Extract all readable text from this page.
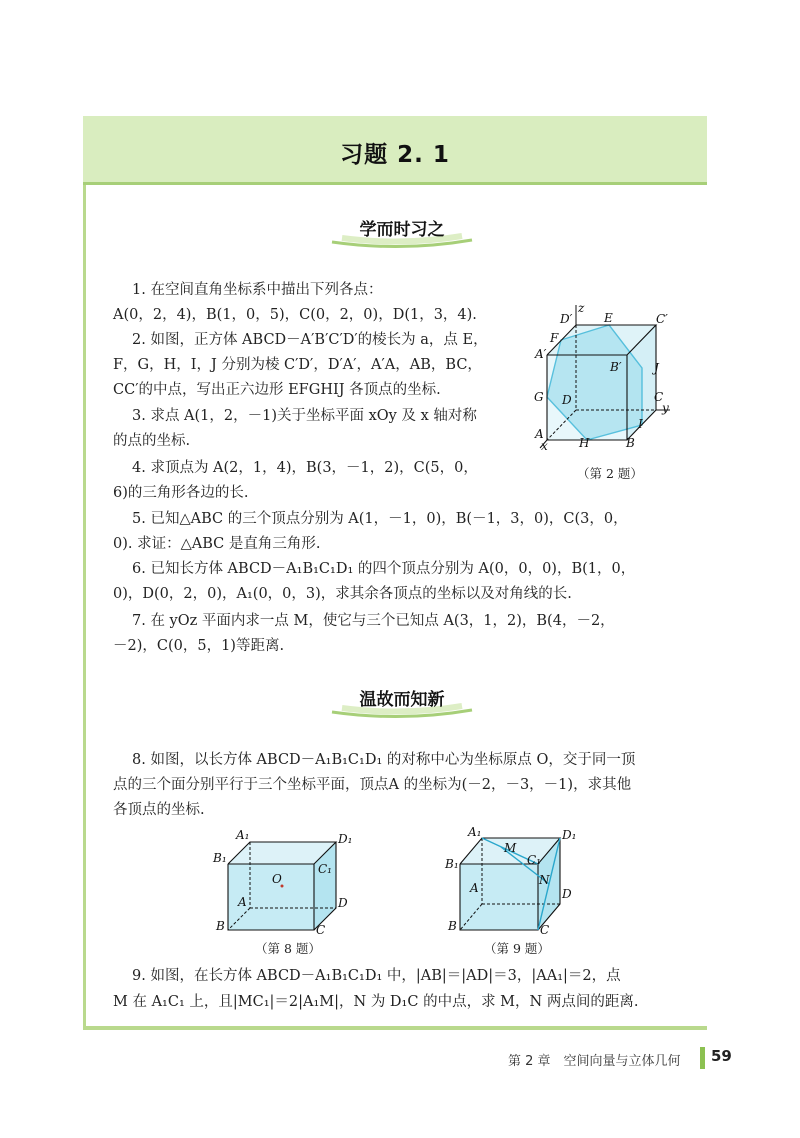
习题 2. 1
学而时习之
1. 在空间直角坐标系中描出下列各点：
A(0，2，4)，B(1，0，5)，C(0，2，0)，D(1，3，4).
2. 如图，正方体 ABCD－A′B′C′D′的棱长为 a，点 E，
F，G，H，I，J 分别为棱 C′D′，D′A′，A′A，AB，BC，
CC′的中点，写出正六边形 EFGHIJ 各顶点的坐标.
3. 求点 A(1，2，－1)关于坐标平面 xOy 及 x 轴对称
的点的坐标.
4. 求顶点为 A(2，1，4)，B(3，－1，2)，C(5，0，
6)的三角形各边的长.
5. 已知△ABC 的三个顶点分别为 A(1，－1，0)，B(－1，3，0)，C(3，0，
0). 求证：△ABC 是直角三角形.
6. 已知长方体 ABCD－A₁B₁C₁D₁ 的四个顶点分别为 A(0，0，0)，B(1，0，
0)，D(0，2，0)，A₁(0，0，3)，求其余各顶点的坐标以及对角线的长.
7. 在 yOz 平面内求一点 M，使它与三个已知点 A(3，1，2)，B(4，－2，
－2)，C(0，5，1)等距离.
z
D′	E	C′
F
A′
B′	J
G D	C
y
I
A
H	B
x
（第 2 题）
温故而知新
8. 如图，以长方体 ABCD－A₁B₁C₁D₁ 的对称中心为坐标原点 O，交于同一顶
点的三个面分别平行于三个坐标平面，顶点A 的坐标为(－2，－3，－1)，求其他
各顶点的坐标.
A₁	D₁
B₁
C₁
O
A	D
B	C
（第 8 题）
A₁	D₁
M
B₁	C₁
N
A	D
B	C
（第 9 题）
9. 如图，在长方体 ABCD－A₁B₁C₁D₁ 中，|AB|＝|AD|＝3，|AA₁|＝2，点
M 在 A₁C₁ 上，且|MC₁|＝2|A₁M|，N 为 D₁C 的中点，求 M，N 两点间的距离.
第 2 章　空间向量与立体几何 59
